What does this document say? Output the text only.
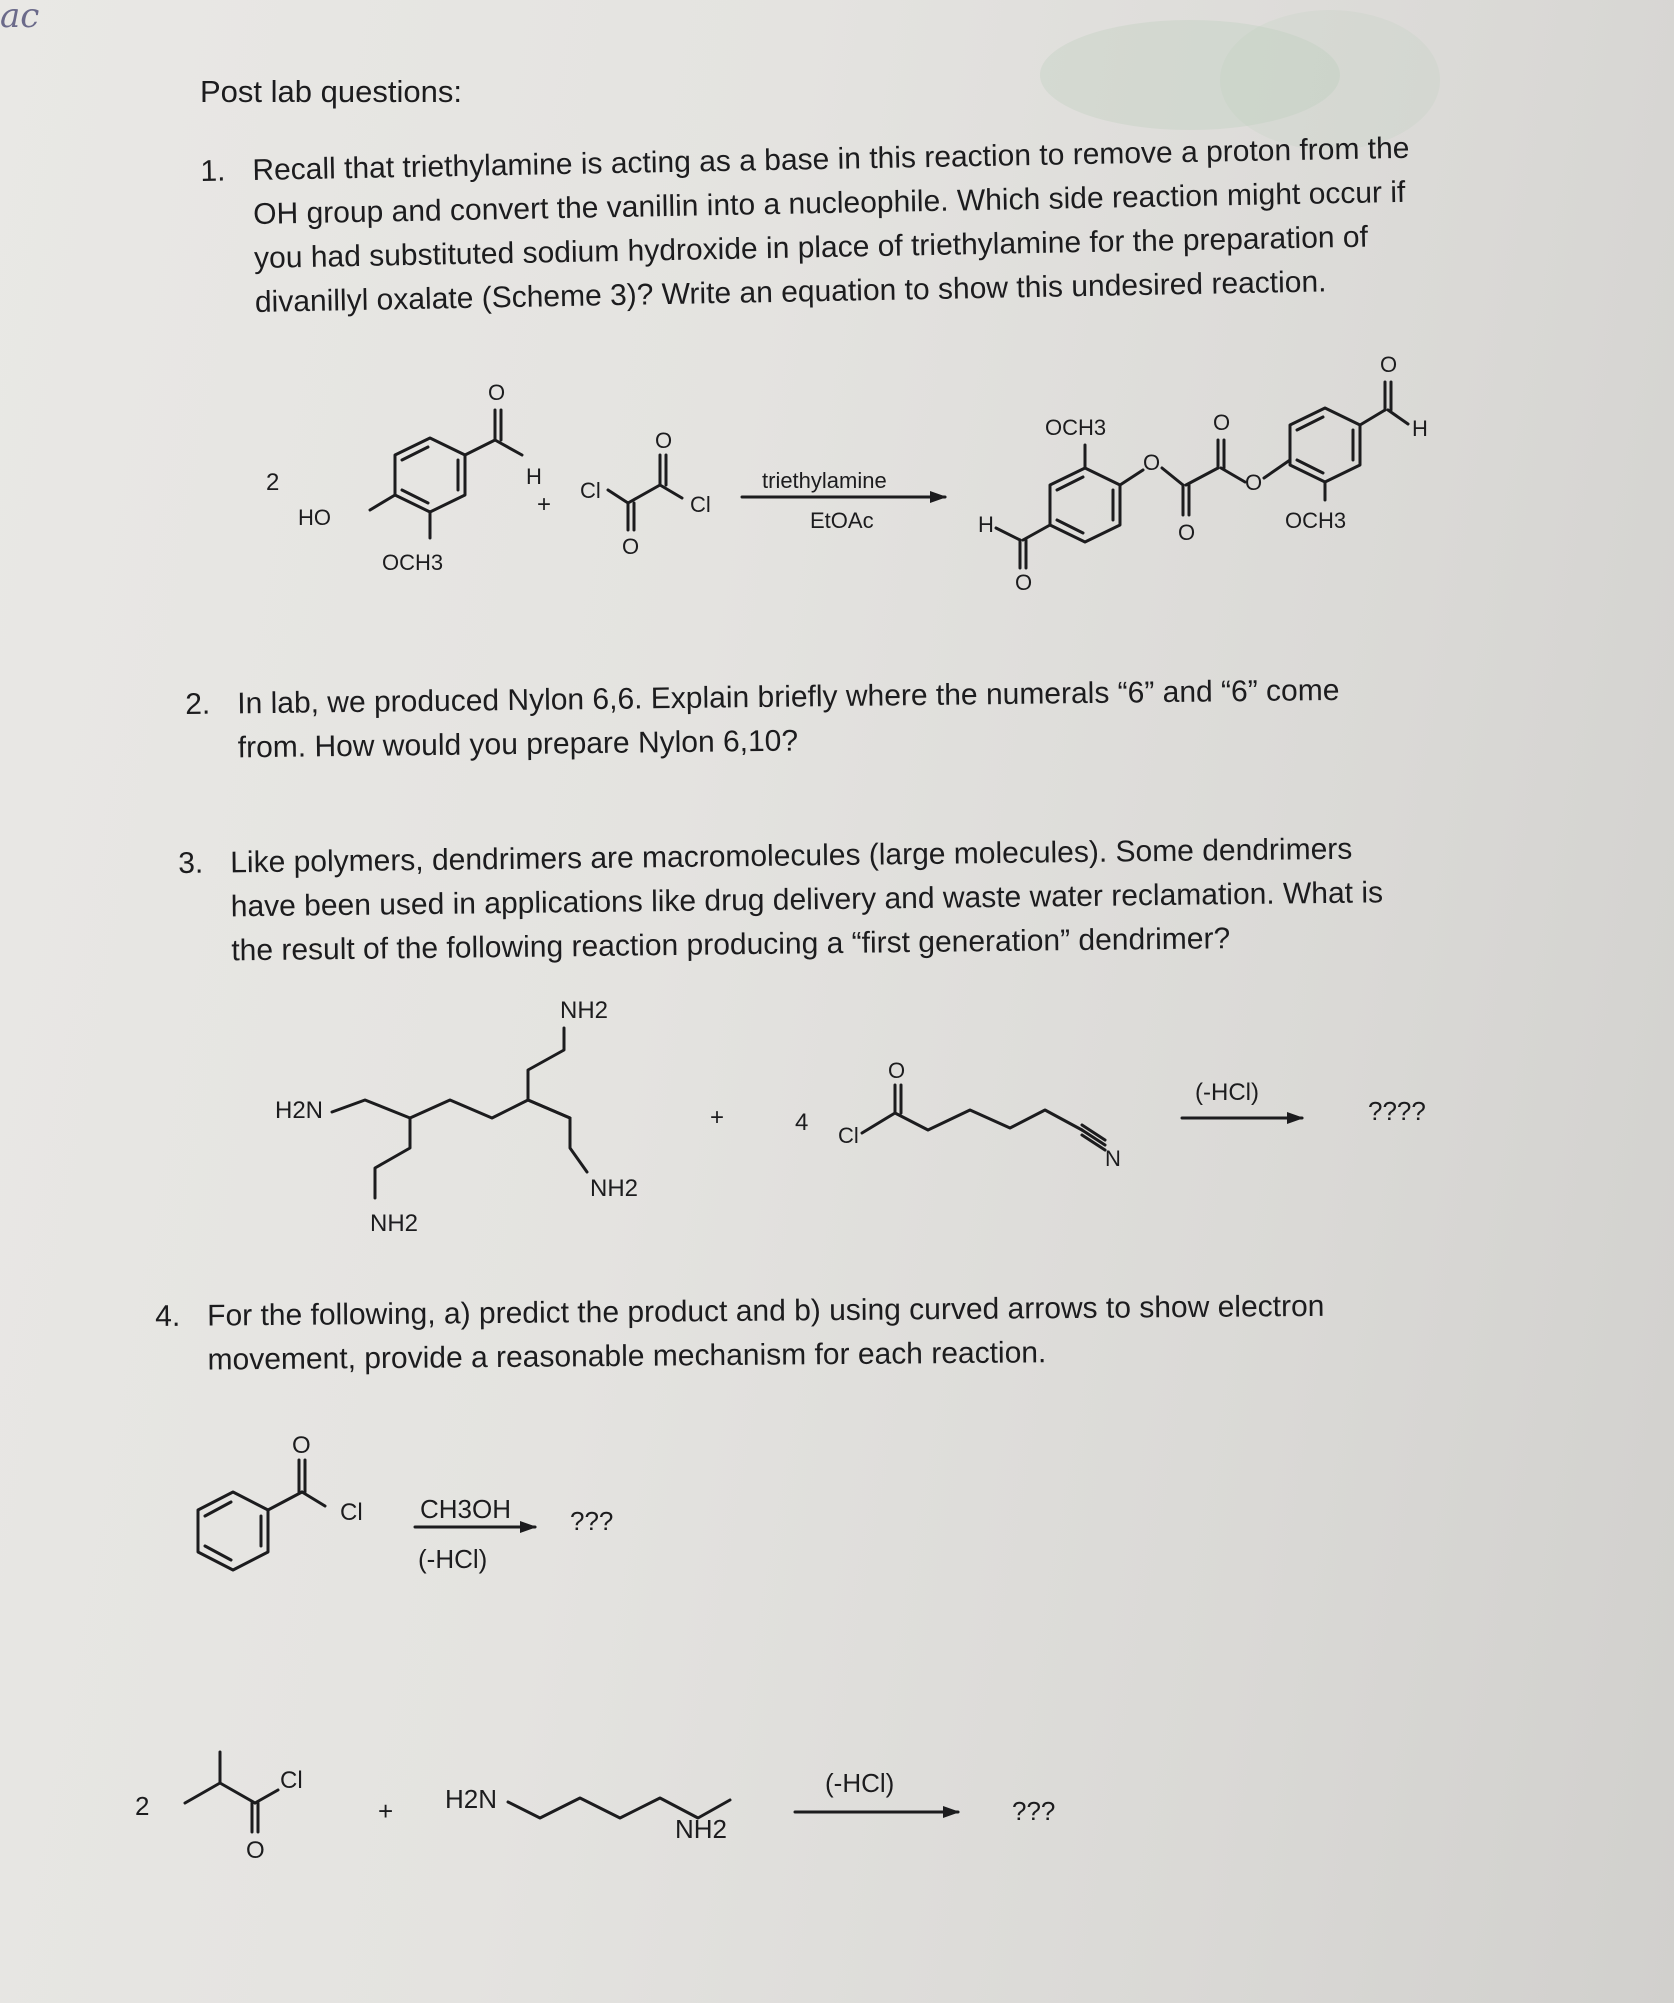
ac
Post lab questions:
1. Recall that triethylamine is acting as a base in this reaction to remove a proton from the
OH group and convert the vanillin into a nucleophile. Which side reaction might occur if
you had substituted sodium hydroxide in place of triethylamine for the preparation of
divanillyl oxalate (Scheme 3)? Write an equation to show this undesired reaction.
2
O
H
HO
OCH3
+
Cl
O
O
Cl
triethylamine
EtOAc	H
O
OCH3
O
O
O
O
OCH3
O
H
2. In lab, we produced Nylon 6,6. Explain briefly where the numerals “6” and “6” come
from. How would you prepare Nylon 6,10?
3. Like polymers, dendrimers are macromolecules (large molecules). Some dendrimers
have been used in applications like drug delivery and waste water reclamation. What is
the result of the following reaction producing a “first generation” dendrimer?
NH2
H2N
NH2
NH2
+	4 Cl
O
N
(-HCl)
????
4. For the following, a) predict the product and b) using curved arrows to show electron
movement, provide a reasonable mechanism for each reaction.
O
Cl CH3OH
(-HCl)
???
2
Cl
O
+ H2N
NH2
(-HCl)
???
